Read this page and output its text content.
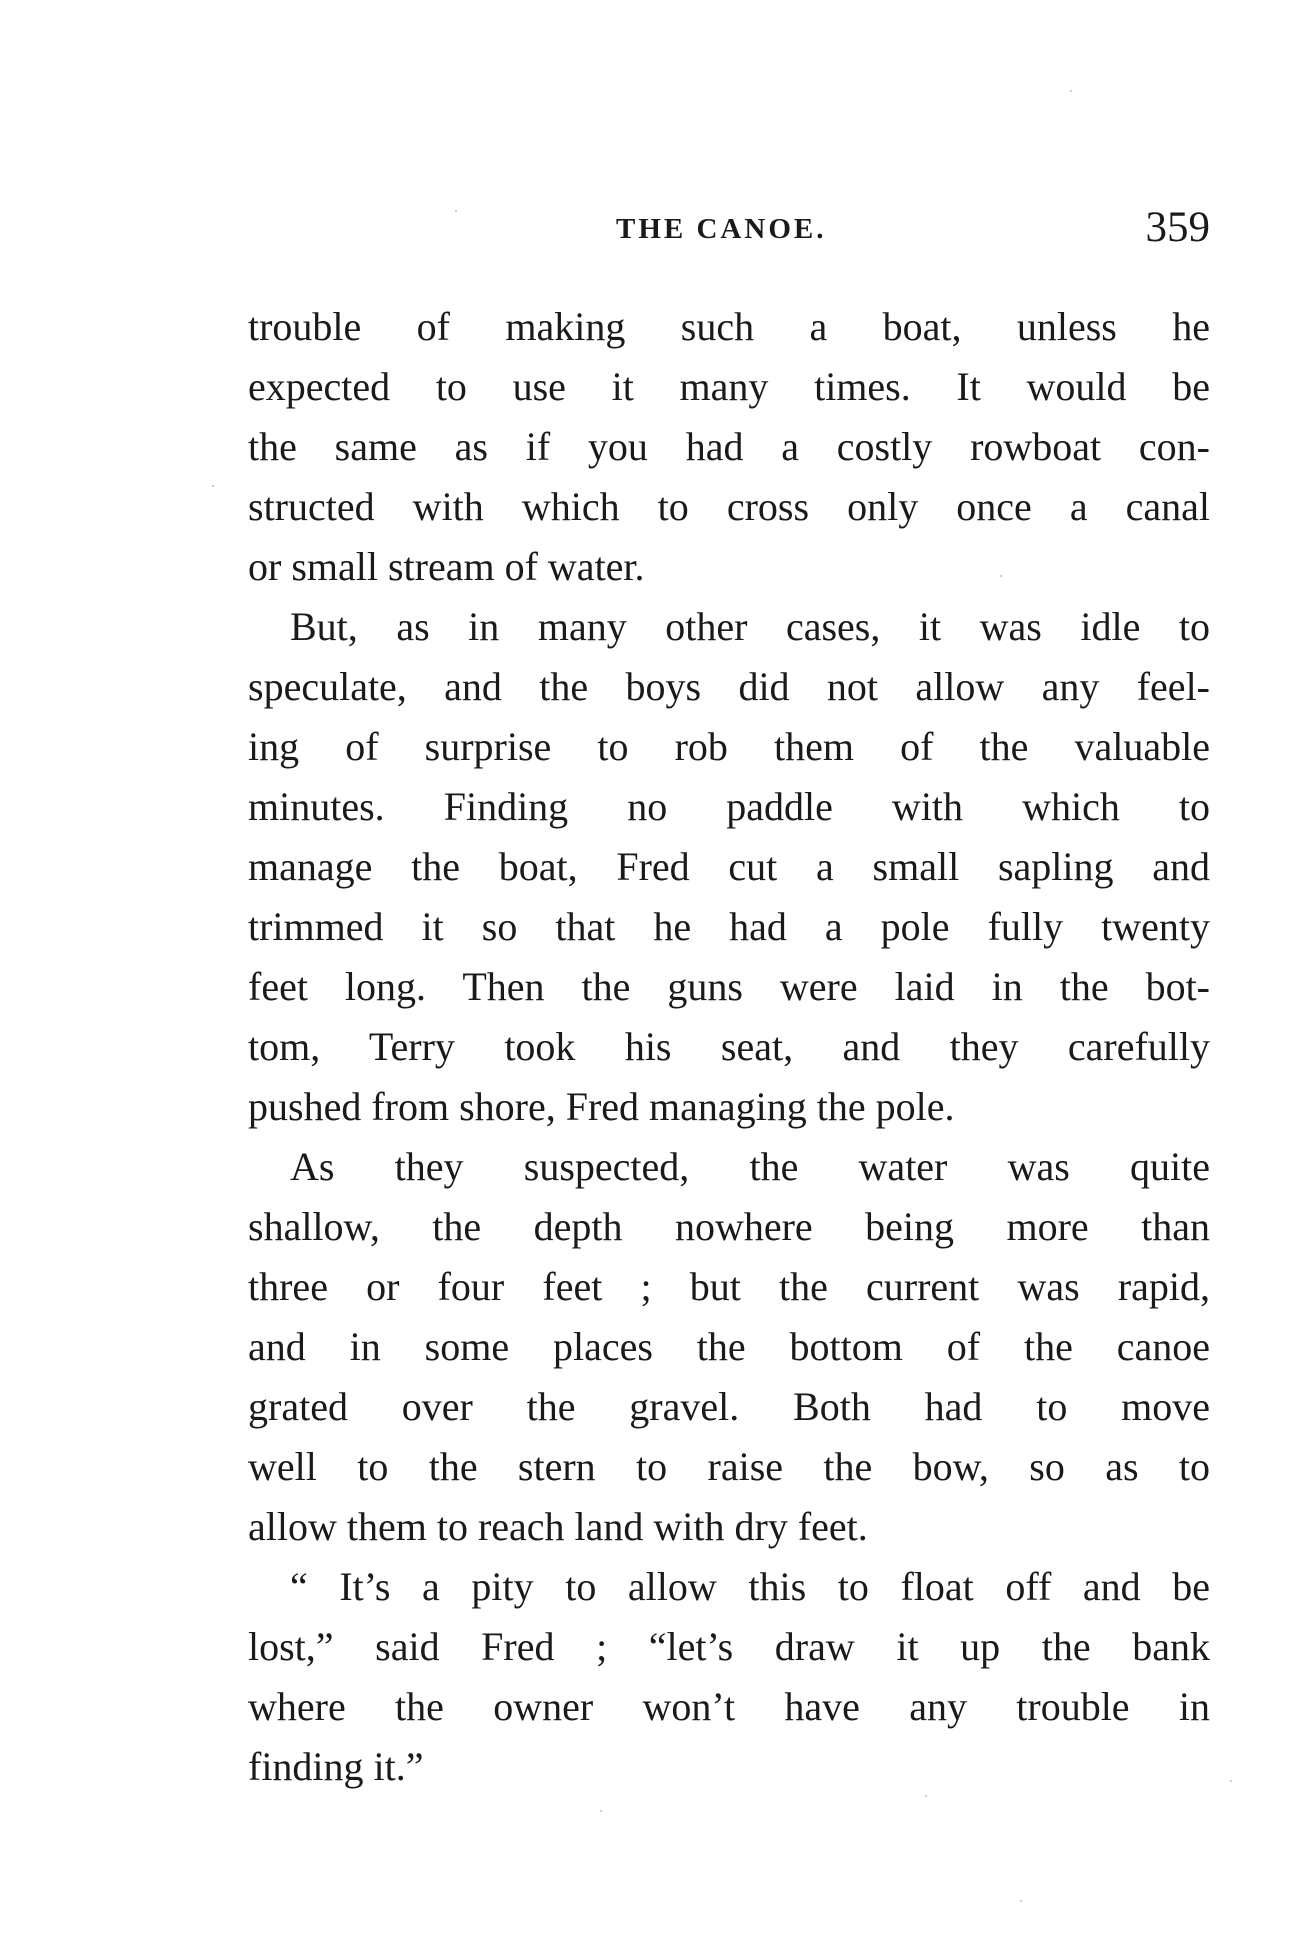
THE CANOE.	359
trouble of making such a boat, unless he
expected to use it many times. It would be
the same as if you had a costly rowboat con-
structed with which to cross only once a canal
or small stream of water.
But, as in many other cases, it was idle to
speculate, and the boys did not allow any feel-
ing of surprise to rob them of the valuable
minutes. Finding no paddle with which to
manage the boat, Fred cut a small sapling and
trimmed it so that he had a pole fully twenty
feet long. Then the guns were laid in the bot-
tom, Terry took his seat, and they carefully
pushed from shore, Fred managing the pole.
As they suspected, the water was quite
shallow, the depth nowhere being more than
three or four feet ; but the current was rapid,
and in some places the bottom of the canoe
grated over the gravel. Both had to move
well to the stern to raise the bow, so as to
allow them to reach land with dry feet.
“ It’s a pity to allow this to float off and be
lost,” said Fred ; “let’s draw it up the bank
where the owner won’t have any trouble in
finding it.”
